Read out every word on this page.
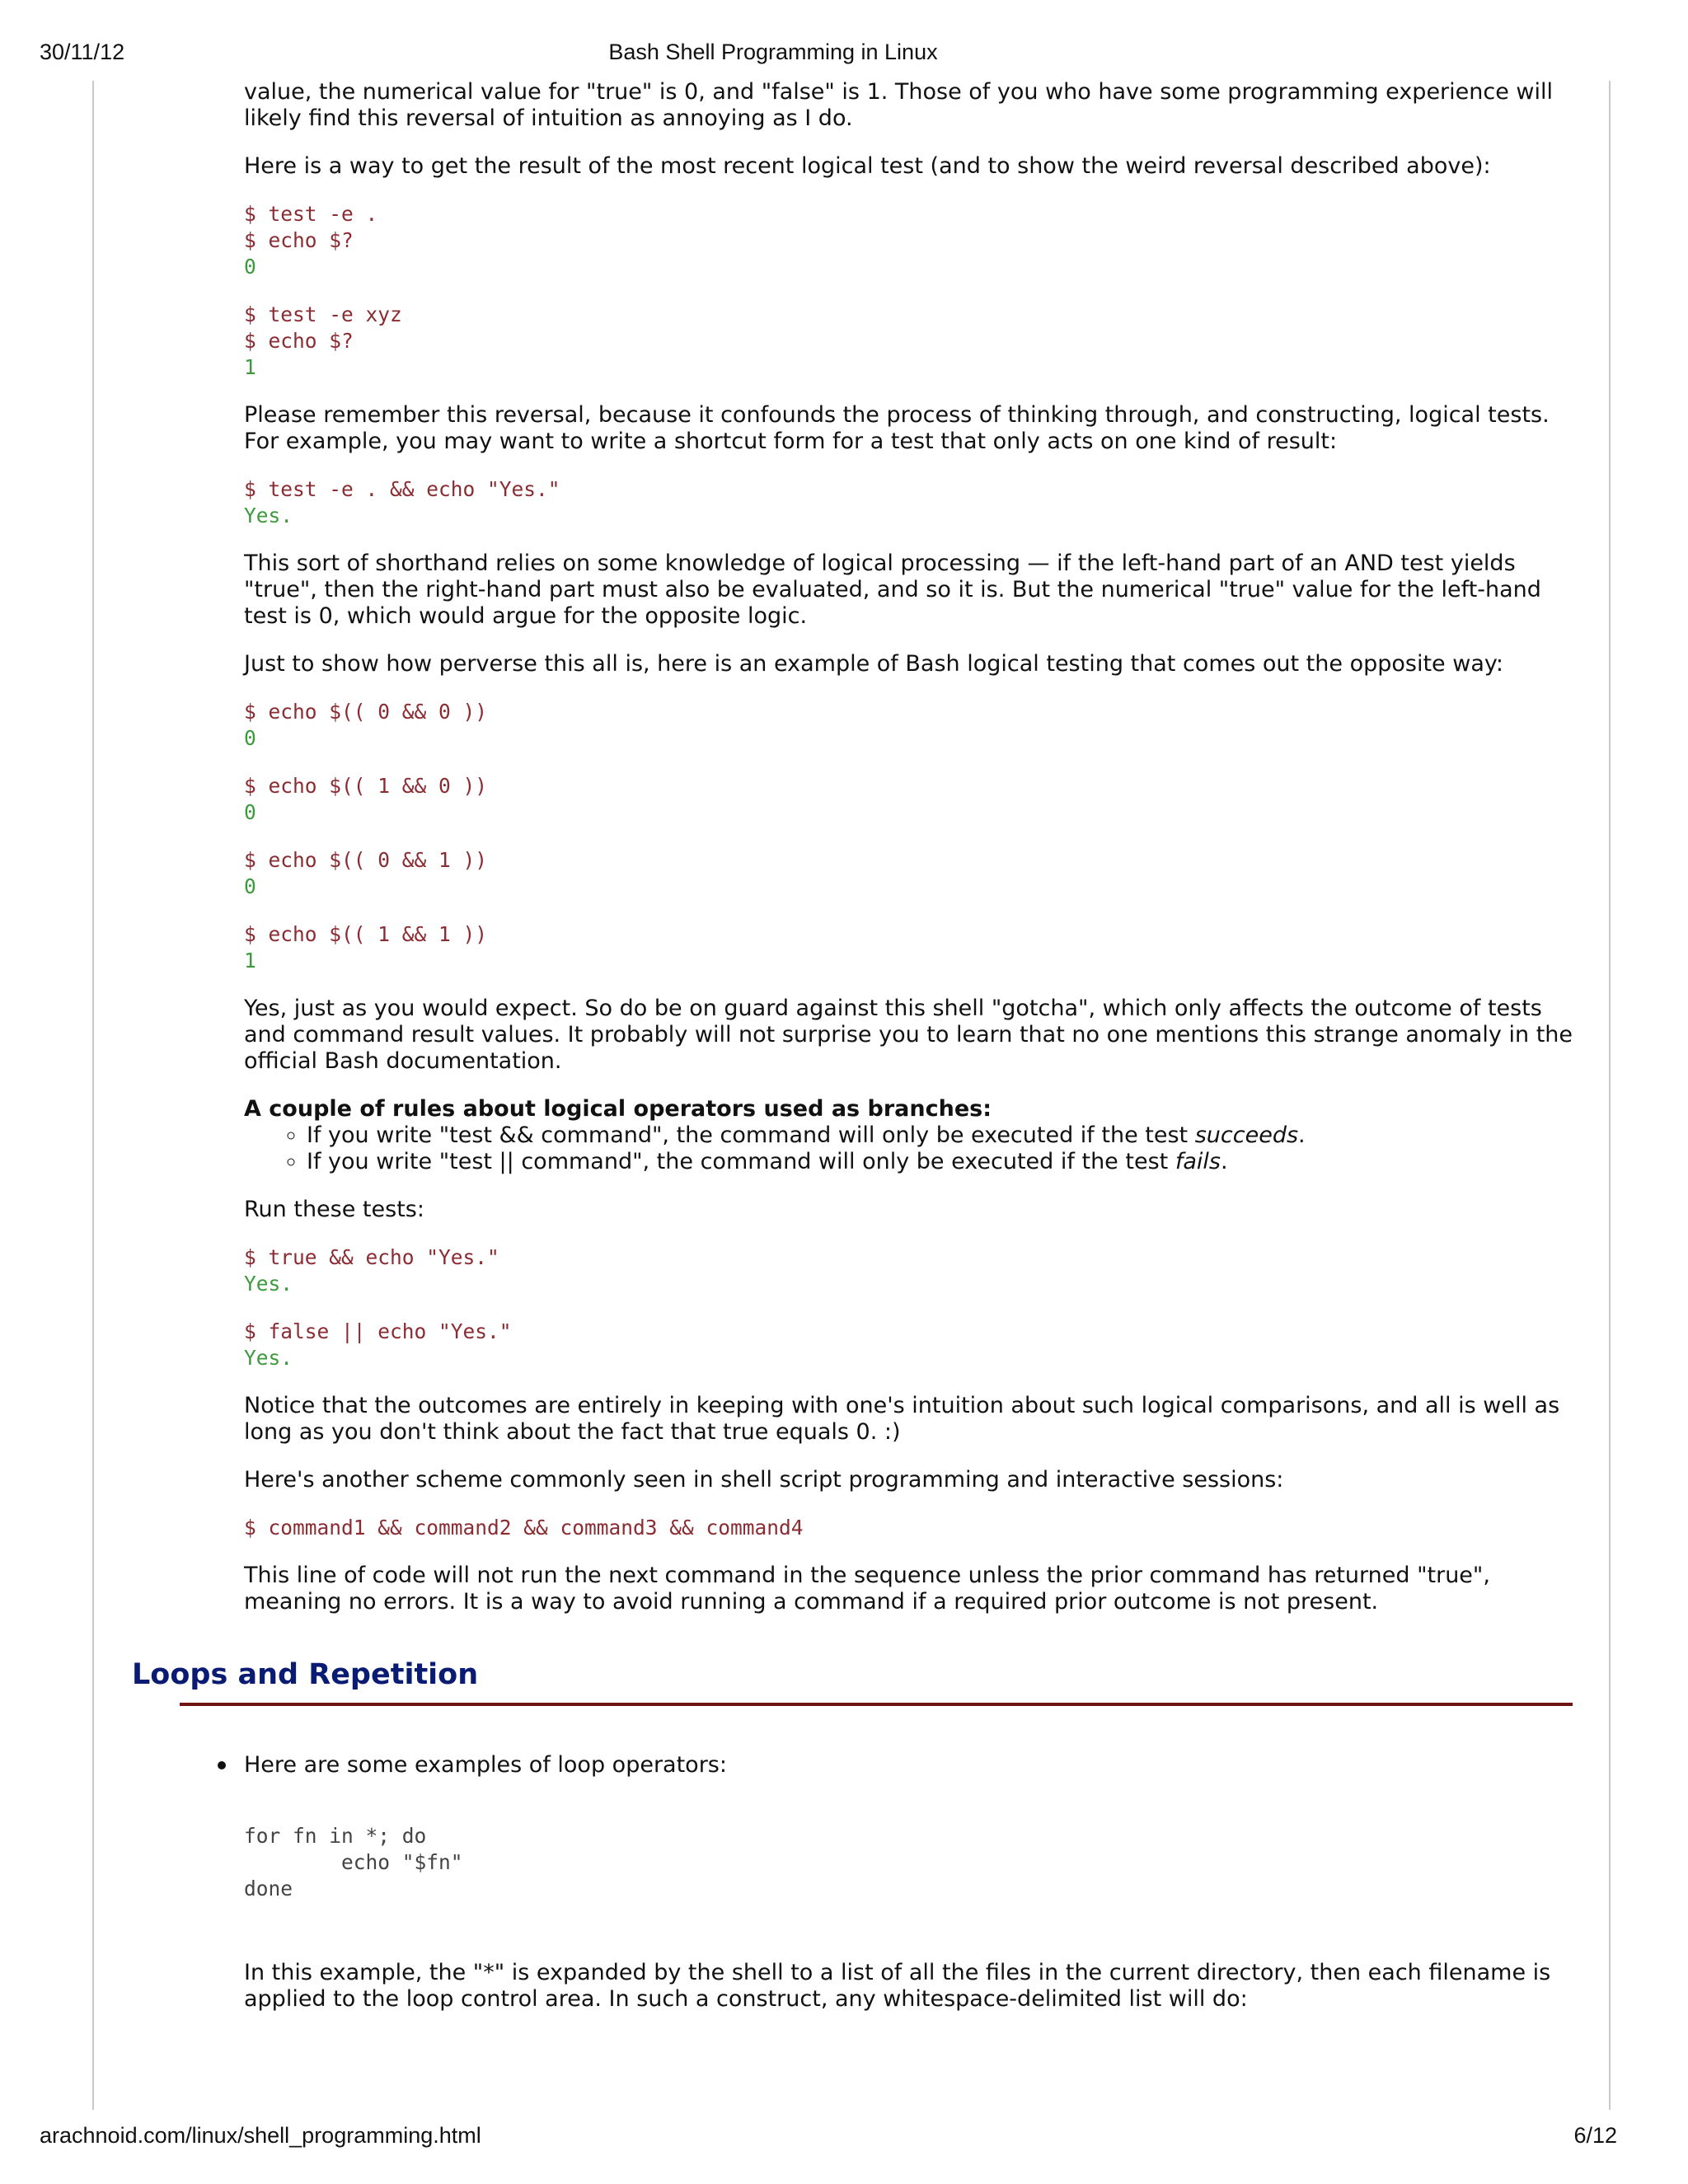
30/11/12	Bash Shell Programming in Linux

value, the numerical value for "true" is 0, and "false" is 1. Those of you who have some programming experience will likely find this reversal of intuition as annoying as I do.

Here is a way to get the result of the most recent logical test (and to show the weird reversal described above):

$ test -e .
$ echo $?
0
$ test -e xyz
$ echo $?
1

Please remember this reversal, because it confounds the process of thinking through, and constructing, logical tests. For example, you may want to write a shortcut form for a test that only acts on one kind of result:

$ test -e . && echo "Yes."
Yes.

This sort of shorthand relies on some knowledge of logical processing — if the left-hand part of an AND test yields "true", then the right-hand part must also be evaluated, and so it is. But the numerical "true" value for the left-hand test is 0, which would argue for the opposite logic.

Just to show how perverse this all is, here is an example of Bash logical testing that comes out the opposite way:

$ echo $(( 0 && 0 ))
0
$ echo $(( 1 && 0 ))
0
$ echo $(( 0 && 1 ))
0
$ echo $(( 1 && 1 ))
1

Yes, just as you would expect. So do be on guard against this shell "gotcha", which only affects the outcome of tests and command result values. It probably will not surprise you to learn that no one mentions this strange anomaly in the official Bash documentation.

A couple of rules about logical operators used as branches:

◦ If you write "test && command", the command will only be executed if the test succeeds.
◦ If you write "test || command", the command will only be executed if the test fails.

Run these tests:

$ true && echo "Yes."
Yes.
$ false || echo "Yes."
Yes.

Notice that the outcomes are entirely in keeping with one's intuition about such logical comparisons, and all is well as long as you don't think about the fact that true equals 0. :)

Here's another scheme commonly seen in shell script programming and interactive sessions:

$ command1 && command2 && command3 && command4

This line of code will not run the next command in the sequence unless the prior command has returned "true", meaning no errors. It is a way to avoid running a command if a required prior outcome is not present.

Loops and Repetition
Here are some examples of loop operators:
for fn in *; do
echo "$fn"
done

In this example, the "*" is expanded by the shell to a list of all the files in the current directory, then each filename is applied to the loop control area. In such a construct, any whitespace-delimited list will do:

arachnoid.com/linux/shell_programming.html	6/12
